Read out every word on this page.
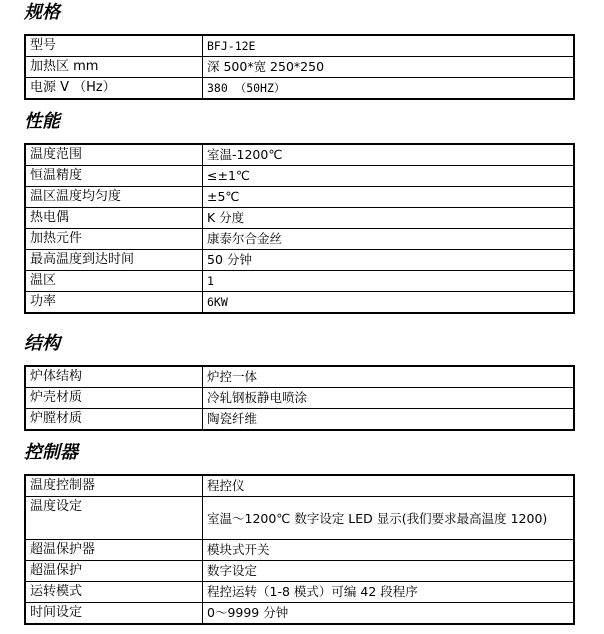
规格
型号	BFJ-12E
加热区 mm	深 500*宽 250*250
电源 V （Hz）	380 （50HZ）
性能
温度范围	室温-1200℃
恒温精度	≤±1℃
温区温度均匀度	±5℃
热电偶	K 分度
加热元件	康泰尔合金丝
最高温度到达时间	50 分钟
温区	1
功率	6KW
结构
炉体结构	炉控一体
炉壳材质	冷轧钢板静电喷涂
炉膛材质	陶瓷纤维
控制器
温度控制器	程控仪
温度设定	室温～1200℃ 数字设定 LED 显示(我们要求最高温度 1200)
超温保护器	模块式开关
超温保护	数字设定
运转模式	程控运转（1-8 模式）可编 42 段程序
时间设定	0～9999 分钟
